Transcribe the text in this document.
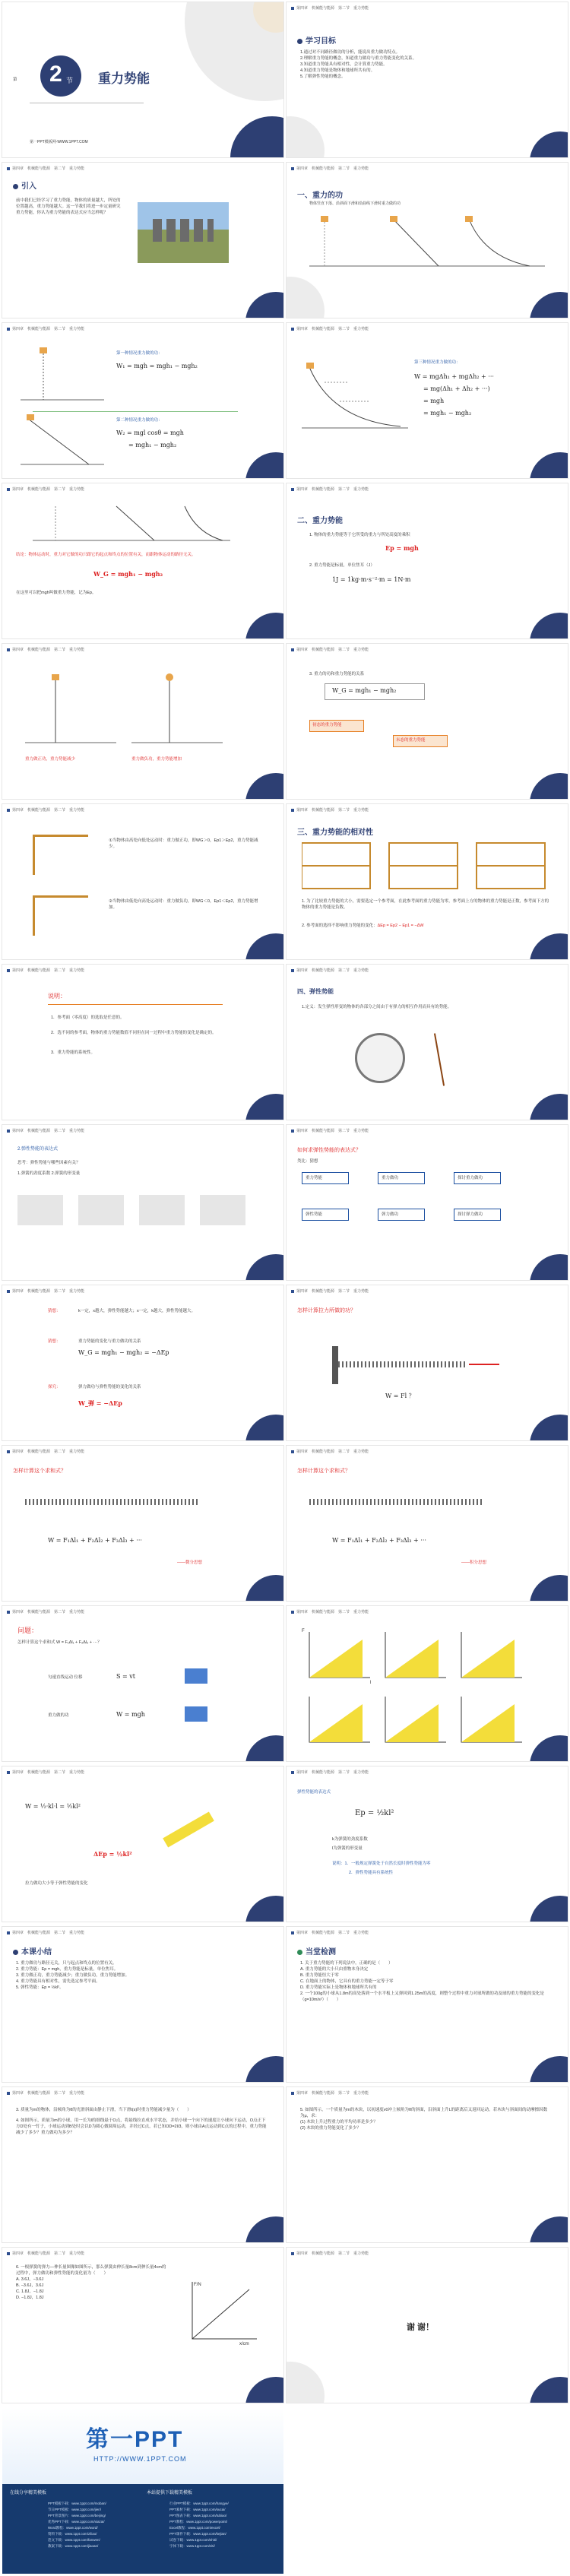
第 2 节 重力势能
第一PPT模板网-WWW.1PPT.COM
第四章　机械能与能源　第二节　重力势能
学习目标
1.通过对不同路径做功的分析，能说出重力做功特点。
2.理解重力势能的概念，知道重力做功与重力势能变化的关系。
3.知道重力势能具有相对性，会计算重力势能。
4.知道重力势能是物体和地球所共有的。
5.了解弹性势能的概念。
第四章　机械能与能源　第二节　重力势能
引入
前中我们已经学习了重力势能，物体的质量越大，所处的位置越高，重力势能越大。这一节我们将进一步定量研究重力势能，你认为重力势能的表达式应当怎样呢？
第四章　机械能与能源　第二节　重力势能
一、重力的功
物体竖直下落、沿斜面下滑和沿曲线下滑时重力做的功
第四章　机械能与能源　第二节　重力势能
第一种情况重力做的功：
W₁ = mgh = mgh₁ − mgh₂
第二种情况重力做的功：
W₂ = mgl cosθ = mgh
= mgh₁ − mgh₂
第四章　机械能与能源　第二节　重力势能
第三种情况重力做的功：
W = mgΔh₁ + mgΔh₂ + ···
= mg(Δh₁ + Δh₂ + ···)
= mgh
= mgh₁ − mgh₂
第四章　机械能与能源　第二节　重力势能
结论：物体运动时，重力对它做的功只跟它的起点和终点的位置有关，而跟物体运动的路径无关。
W_G = mgh₁ − mgh₂
在这里可以把mgh叫做重力势能，记为Ep。
第四章　机械能与能源　第二节　重力势能
二、重力势能
1. 物体的重力势能等于它所受的重力与所处高度的乘积
Ep = mgh
2. 重力势能是标量，单位焦耳（J）
1J = 1kg·m·s⁻²·m = 1N·m
第四章　机械能与能源　第二节　重力势能
重力做正功，重力势能减少	重力做负功，重力势能增加
第四章　机械能与能源　第二节　重力势能
3. 重力的功和重力势能的关系
W_G = mgh₁ − mgh₂
初态的重力势能
末态的重力势能
第四章　机械能与能源　第二节　重力势能
①当物体由高处向低处运动时：重力做正功，即WG＞0，Ep1＞Ep2，重力势能减少。
②当物体由低处向高处运动时：重力做负功，即WG＜0，Ep1＜Ep2，重力势能增加。
第四章　机械能与能源　第二节　重力势能
三、重力势能的相对性
1. 为了比较重力势能的大小，需要选定一个参考面，在此参考面的重力势能为零，参考面上方的物体的重力势能是正数，参考面下方的物体的重力势能是负数。
2. 参考面的选择不影响重力势能的变化：ΔEp = Ep2 − Ep1 = −ΔW
第四章　机械能与能源　第二节　重力势能
说明：
1．参考面（零高度）的选取是任意的。
2．选不同的参考面，物体的重力势能数值不同但在同一过程中重力势能的变化是确定的。
3．重力势能的系统性。
第四章　机械能与能源　第二节　重力势能
四、弹性势能
1.定义：发生弹性形变的物体的各部分之间由于有弹力的相互作用而具有的势能。
第四章　机械能与能源　第二节　重力势能
2.弹性势能的表达式
思考：弹性势能与哪些因素有关？
1.弹簧的劲度系数 2.弹簧的形变量
第四章　机械能与能源　第二节　重力势能
如何求弹性势能的表达式？
类比：猜想
重力势能	重力做功	探讨重力做功
弹性势能	弹力做功	探讨弹力做功
第四章　机械能与能源　第二节　重力势能
猜想：	k一定，x越大，弹性势能越大；x一定，k越大，弹性势能越大。
猜想：	重力势能的变化与重力做功的关系
W_G = mgh₁ − mgh₂ = −ΔEp
探究：	弹力做功与弹性势能的变化的关系
W_弹 = −ΔEp
第四章　机械能与能源　第二节　重力势能
怎样计算拉力所做的功？
W = Fl ？
第四章　机械能与能源　第二节　重力势能
怎样计算这个求和式？
W = F₁Δl₁ + F₂Δl₂ + F₃Δl₃ + ···
——微分思想
第四章　机械能与能源　第二节　重力势能
怎样计算这个求和式？
W = F₁Δl₁ + F₂Δl₂ + F₃Δl₃ + ···
——积分思想
第四章　机械能与能源　第二节　重力势能
问题：
怎样计算这个求和式 W = F₁Δl₁ + F₂Δl₂ + ···？
匀速直线运动 位移	S = vt
重力做的功	W = mgh
第四章　机械能与能源　第二节　重力势能
F
l
第四章　机械能与能源　第二节　重力势能
W = ½·kl·l = ½kl²
ΔEp = ½kl²
拉力做功大小等于弹性势能的变化
第四章　机械能与能源　第二节　重力势能
弹性势能的表达式
Ep = ½kl²
k为弹簧的劲度系数
l为弹簧的形变量
说明：1．一般规定弹簧处于自然长度时弹性势能为零
2．弹性势能具有系统性
第四章　机械能与能源　第二节　重力势能
本课小结
1. 重力做功与路径无关，只与起点和终点的位置有关。
2. 重力势能：Ep = mgh，重力势能是标量，单位焦耳。
3. 重力做正功，重力势能减少；重力做负功，重力势能增加。
4. 重力势能具有相对性，需先选定参考平面。
5. 弹性势能：Ep = ½kl²。
第四章　机械能与能源　第二节　重力势能
当堂检测
1. 关于重力势能的下列说法中，正确的是（　　）
A. 重力势能的大小只由重物本身决定
B. 重力势能恒大于零
C. 在地面上的物体，它具有的重力势能一定等于零
D. 重力势能实际上是物体和地球所共有的
2. 一个100g的小球从1.8m的高处落到一个水平板上又弹回到1.25m的高度，则整个过程中重力对球所做的功及球的重力势能的变化是（g=10m/s²）（　　）
第四章　机械能与能源　第二节　重力势能
3. 质量为m的物体，沿倾角为θ的光滑斜面由静止下滑，当下滑t(s)时重力势能减少量为（　　）
4. 如图所示，质量为m的小球，用一长为l的细线悬于O点，将悬线拉直成水平状态，并给小球一个向下的速度让小球向下运动，O点正下方D处有一钉子，小球运动到B处时会以D为圆心做圆周运动，并经过C点，若已知OD=2l/3，则小球由A点运动到C点的过程中，重力势能减少了多少？重力做功为多少？
第四章　机械能与能源　第二节　重力势能
5. 如图所示，一个质量为m的木块，以初速度v0冲上倾角为θ的斜面，沿斜面上升L的距离后又返回运动。若木块与斜面间的动摩擦因数为μ，求：
(1) 木块上升过程重力的平均功率是多少？
(2) 木块的重力势能变化了多少？
第四章　机械能与能源　第二节　重力势能
6. 一根弹簧的弹力—伸长量图像如图所示，那么弹簧由伸长量8cm到伸长量4cm的过程中，弹力做功和弹性势能的变化量为（　　）
A. 3.6J，−3.6J
B. −3.6J，3.6J
C. 1.8J，−1.8J
D. −1.8J，1.8J
F/N
x/cm
第四章　机械能与能源　第二节　重力势能
谢 谢！
第一PPT
HTTP://WWW.1PPT.COM
在线分享精美模板	本站提供下载精美模板
PPT模板下载：www.1ppt.com/moban/
节日PPT模板：www.1ppt.com/jieri/
PPT背景图片：www.1ppt.com/beijing/
优秀PPT下载：www.1ppt.com/xiazai/
Word教程：www.1ppt.com/word/
资料下载：www.1ppt.com/ziliao/
范文下载：www.1ppt.com/fanwen/
教案下载：www.1ppt.com/jiaoan/
行业PPT模板：www.1ppt.com/hangye/
PPT素材下载：www.1ppt.com/sucai/
PPT图表下载：www.1ppt.com/tubiao/
PPT教程：www.1ppt.com/powerpoint/
Excel教程：www.1ppt.com/excel/
PPT课件下载：www.1ppt.com/kejian/
试卷下载：www.1ppt.com/shiti/
字体下载：www.1ppt.com/ziti/
